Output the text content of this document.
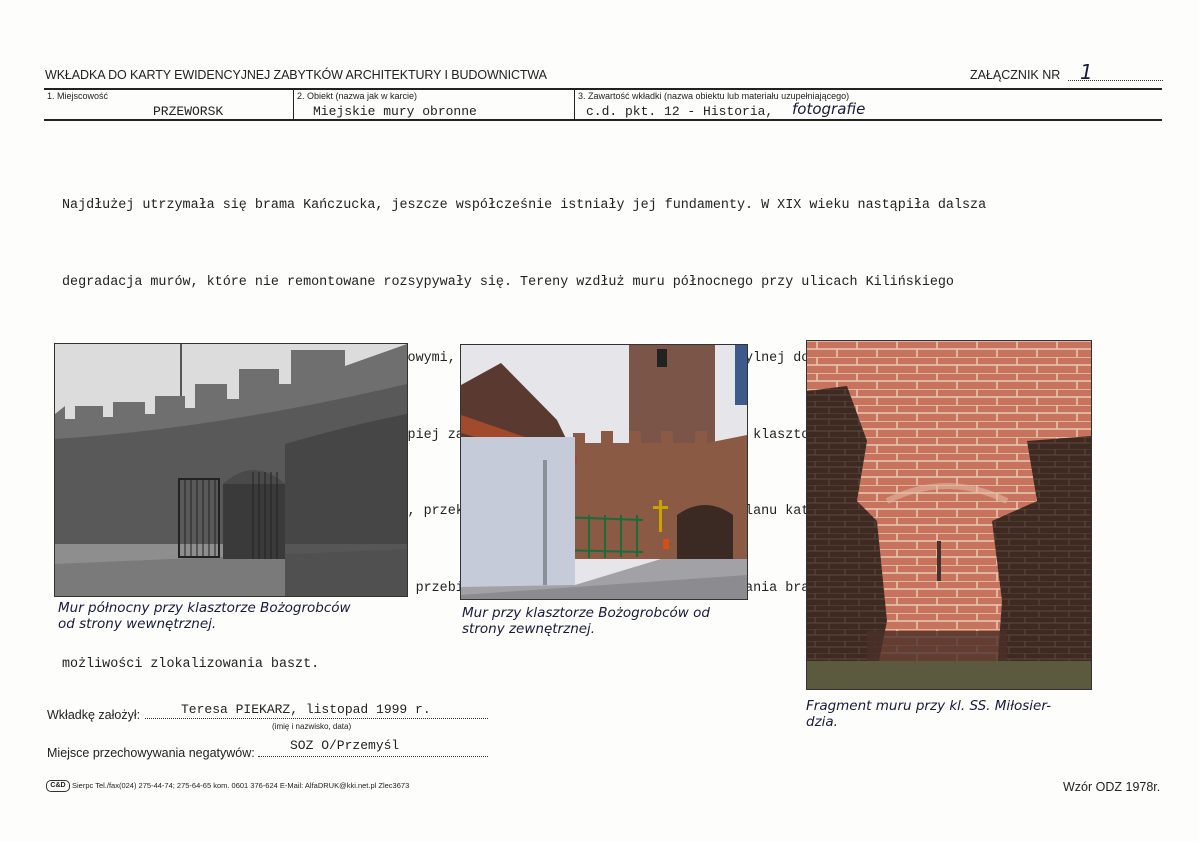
WKŁADKA DO KARTY EWIDENCYJNEJ ZABYTKÓW ARCHITEKTURY I BUDOWNICTWA	ZAŁĄCZNIK NR 1
1. Miejscowość
PRZEWORSK
2. Obiekt (nazwa jak w karcie)
Miejskie mury obronne
3. Zawartość wkładki (nazwa obiektu lub materiału uzupełniającego)
c.d. pkt. 12 - Historia, fotografie

Najdłużej utrzymała się brama Kańczucka, jeszcze współcześnie istniały jej fundamenty. W XIX wieku nastąpiła dalsza

degradacja murów, które nie remontowane rozsypywały się. Tereny wzdłuż muru północnego przy ulicach Kilińskiego

tylnej

klasztornych

Planu

przebieg

możliwości zlokalizowania baszt.

Mur północny przy klasztorze Bożogrobców
od strony wewnętrznej.
Mur przy klasztorze Bożogrobców od
strony zewnętrznej.
Fragment muru przy kl. SS. Miłosier-
dzia.
Wkładkę założył:	Teresa PIEKARZ, listopad 1999 r.
(imię i nazwisko, data)
Miejsce przechowywania negatywów:	SOZ O/Przemyśl
C&D Sierpc Tel./fax(024) 275-44-74; 275-64-65 kom. 0601 376-624 E-Mail: AlfaDRUK@kki.net.pl Zlec3673	Wzór ODZ 1978r.
